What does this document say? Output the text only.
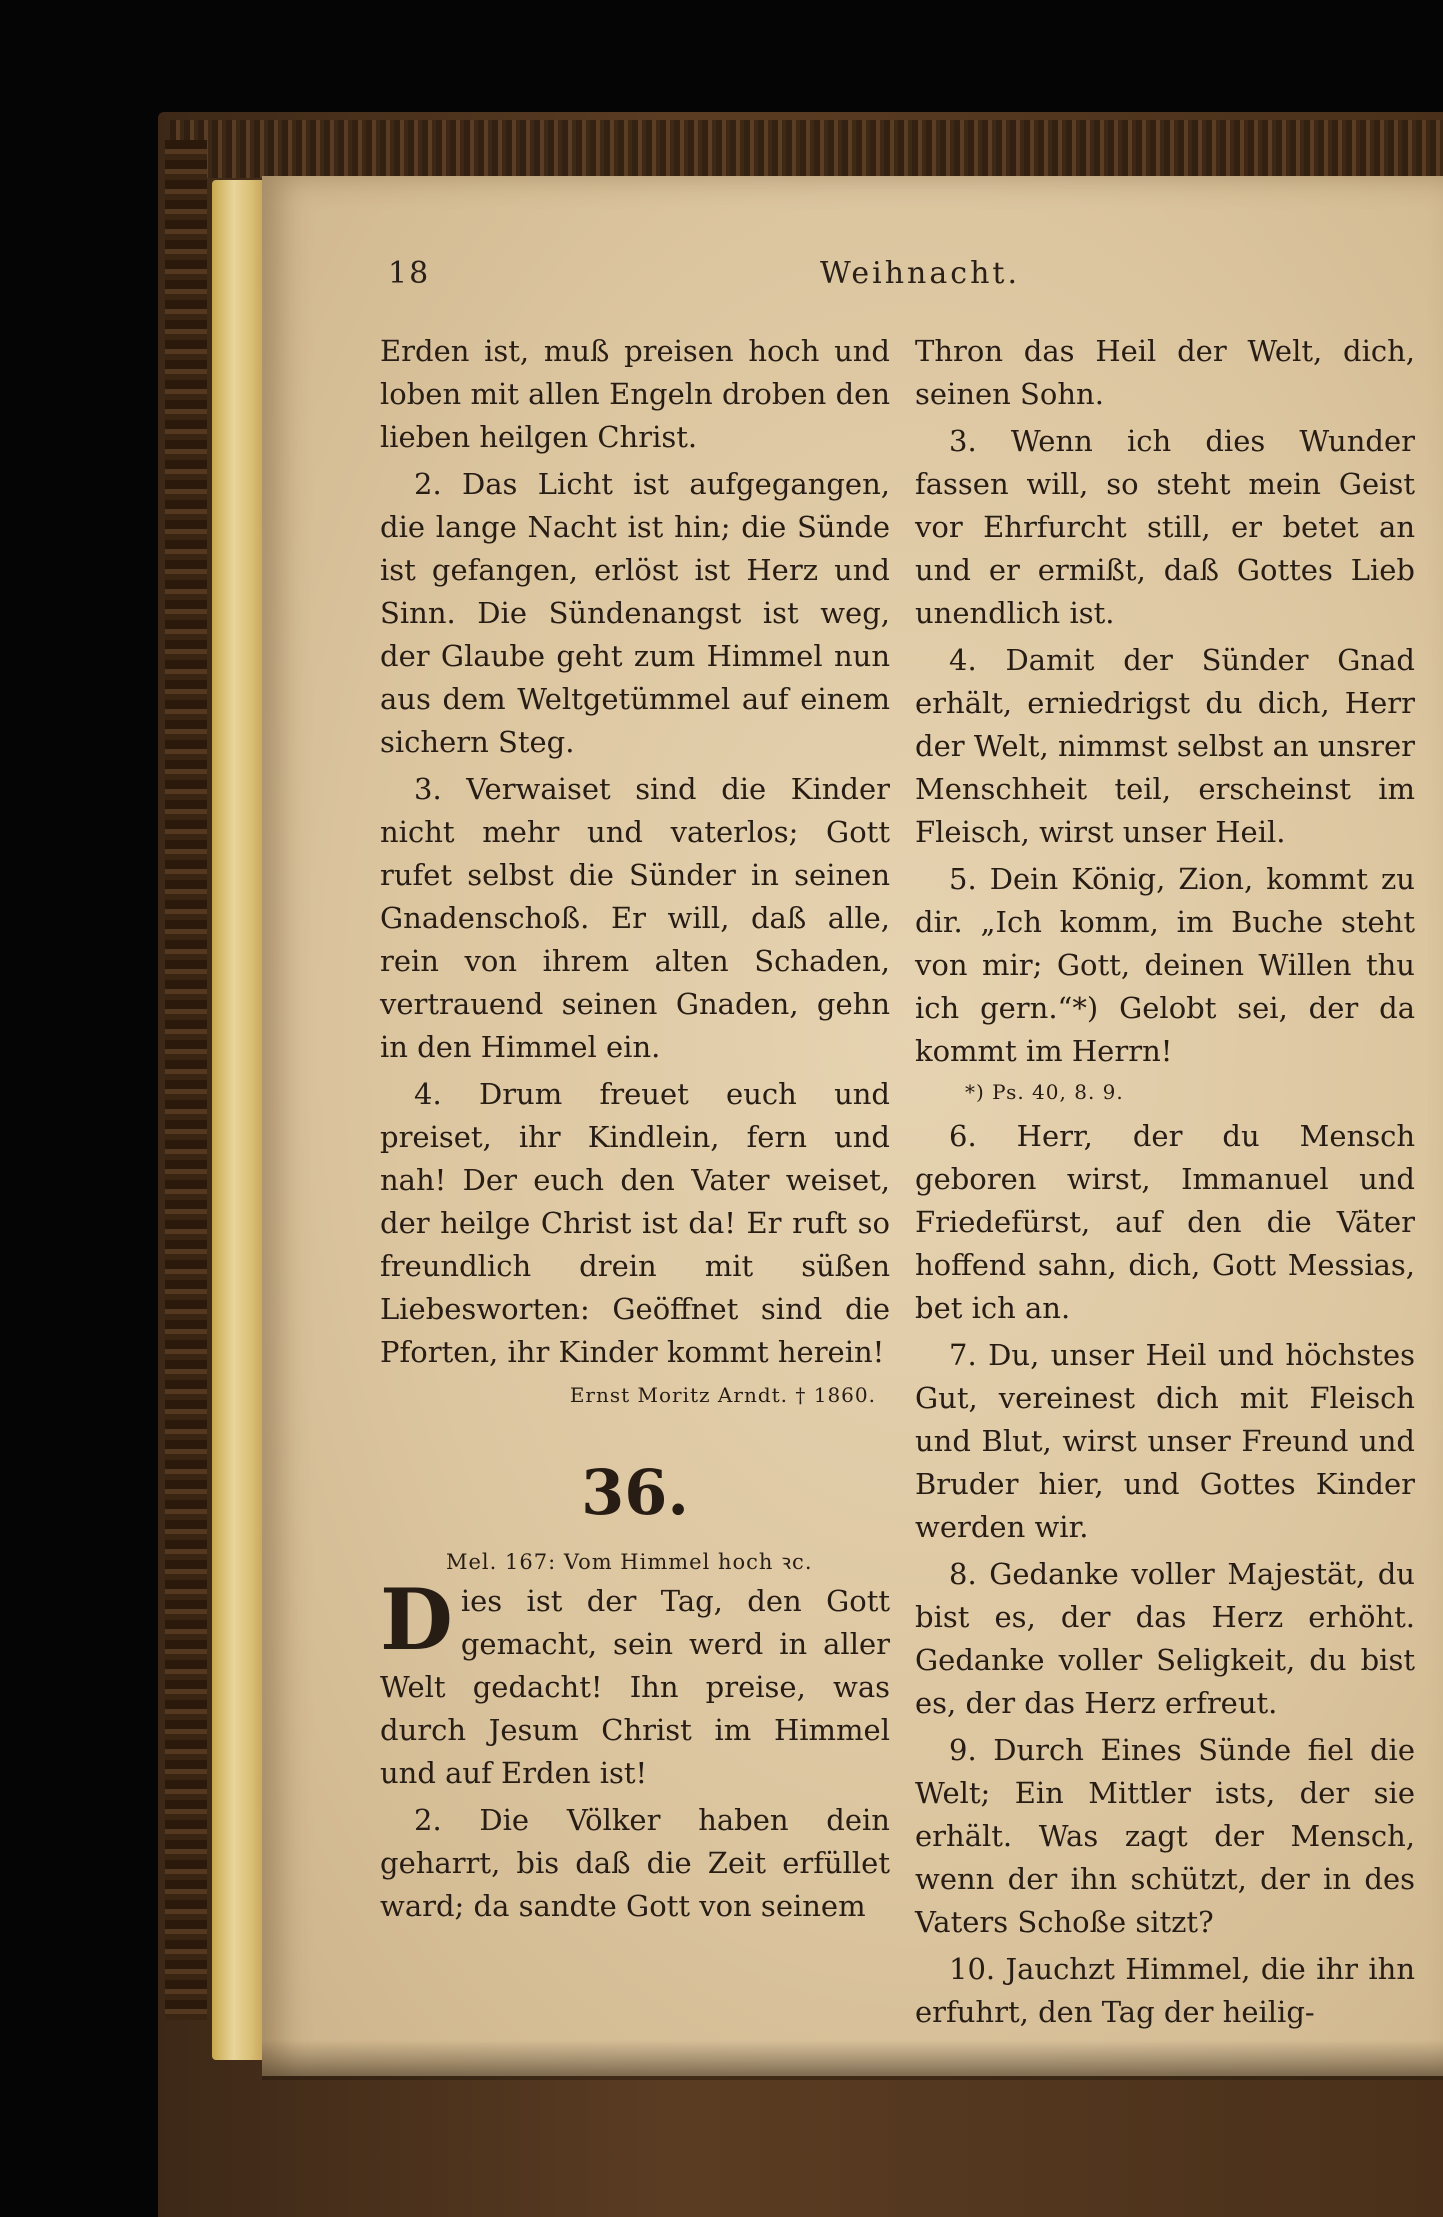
18	Weihnacht.

Erden ist, muß preisen hoch und loben mit allen Engeln droben den lieben heilgen Christ.

2. Das Licht ist aufgegangen, die lange Nacht ist hin; die Sünde ist gefangen, erlöst ist Herz und Sinn. Die Sündenangst ist weg, der Glaube geht zum Himmel nun aus dem Weltgetümmel auf einem sichern Steg.

3. Verwaiset sind die Kinder nicht mehr und vaterlos; Gott rufet selbst die Sünder in seinen Gnadenschoß. Er will, daß alle, rein von ihrem alten Schaden, vertrauend seinen Gnaden, gehn in den Himmel ein.

4. Drum freuet euch und preiset, ihr Kindlein, fern und nah! Der euch den Vater weiset, der heilge Christ ist da! Er ruft so freundlich drein mit süßen Liebesworten: Geöffnet sind die Pforten, ihr Kinder kommt herein!

Ernst Moritz Arndt. † 1860.
36.
Mel. 167: Vom Himmel hoch ꝛc.

Dies ist der Tag, den Gott gemacht, sein werd in aller Welt gedacht! Ihn preise, was durch Jesum Christ im Himmel und auf Erden ist!

2. Die Völker haben dein geharrt, bis daß die Zeit erfüllet ward; da sandte Gott von seinem

Thron das Heil der Welt, dich, seinen Sohn.

3. Wenn ich dies Wunder fassen will, so steht mein Geist vor Ehrfurcht still, er betet an und er ermißt, daß Gottes Lieb unendlich ist.

4. Damit der Sünder Gnad erhält, erniedrigst du dich, Herr der Welt, nimmst selbst an unsrer Menschheit teil, erscheinst im Fleisch, wirst unser Heil.

5. Dein König, Zion, kommt zu dir. „Ich komm, im Buche steht von mir; Gott, deinen Willen thu ich gern.“*) Gelobt sei, der da kommt im Herrn!

*) Ps. 40, 8. 9.

6. Herr, der du Mensch geboren wirst, Immanuel und Friedefürst, auf den die Väter hoffend sahn, dich, Gott Messias, bet ich an.

7. Du, unser Heil und höchstes Gut, vereinest dich mit Fleisch und Blut, wirst unser Freund und Bruder hier, und Gottes Kinder werden wir.

8. Gedanke voller Majestät, du bist es, der das Herz erhöht. Gedanke voller Seligkeit, du bist es, der das Herz erfreut.

9. Durch Eines Sünde fiel die Welt; Ein Mittler ists, der sie erhält. Was zagt der Mensch, wenn der ihn schützt, der in des Vaters Schoße sitzt?

10. Jauchzt Himmel, die ihr ihn erfuhrt, den Tag der heilig-
